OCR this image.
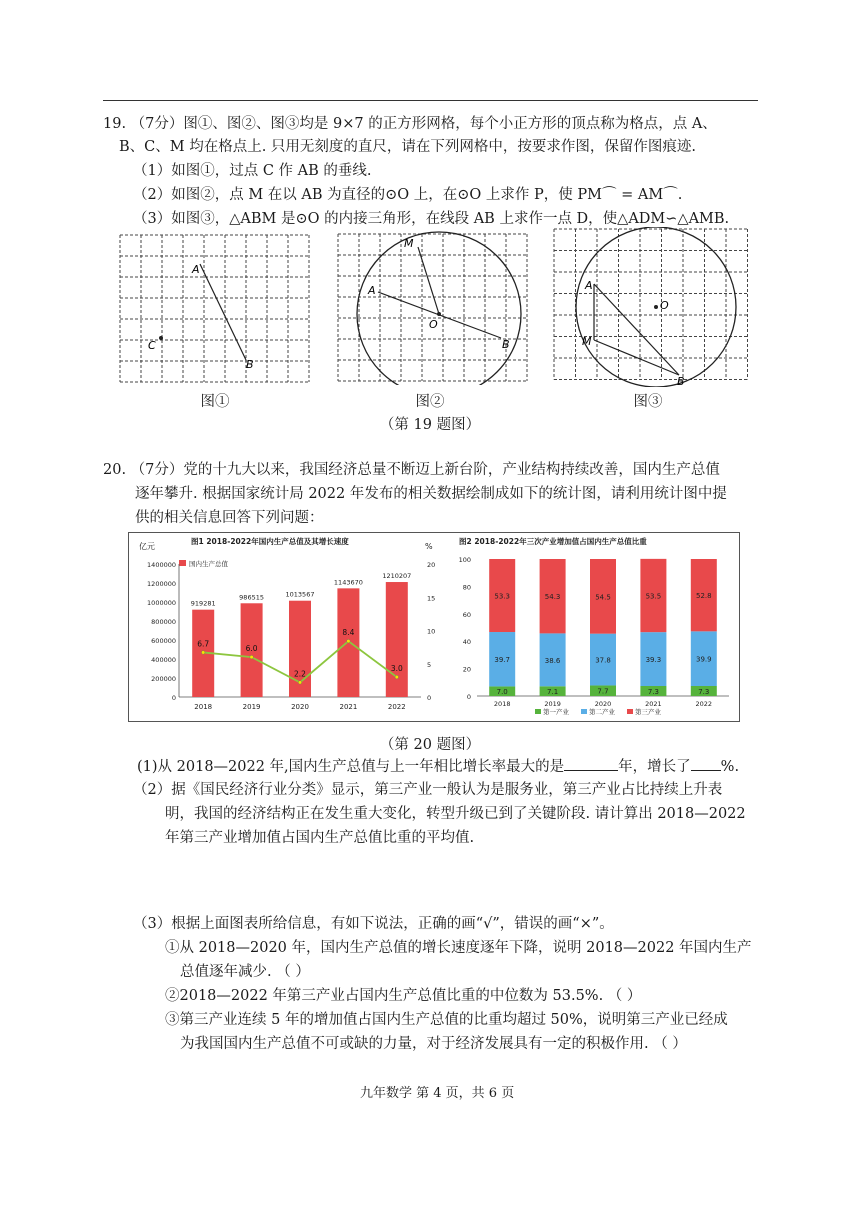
19. （7分）图①、图②、图③均是 9×7 的正方形网格，每个小正方形的顶点称为格点，点 A、
B、C、M 均在格点上. 只用无刻度的直尺，请在下列网格中，按要求作图，保留作图痕迹.
（1）如图①，过点 C 作 AB 的垂线.
（2）如图②，点 M 在以 AB 为直径的⊙O 上，在⊙O 上求作 P，使 PM⌒ = AM⌒.
（3）如图③，△ABM 是⊙O 的内接三角形，在线段 AB 上求作一点 D，使△ADM∽△AMB.
A
B
C
M
A
O
B
A
O
M
B
图①	图②	图③
（第 19 题图）
20. （7分）党的十九大以来，我国经济总量不断迈上新台阶，产业结构持续改善，国内生产总值
逐年攀升. 根据国家统计局 2022 年发布的相关数据绘制成如下的统计图，请利用统计图中提
供的相关信息回答下列问题：
亿元
图1 2018-2022年国内生产总值及其增长速度
%
国内生产总值
0
200000
400000
600000
800000
1000000
1200000
1400000
0
5
10
15
20
919281
2018
986515
2019
1013567
2020
1143670
2021
1210207
2022
6.7
6.0
2.2
8.4
3.0
图2 2018-2022年三次产业增加值占国内生产总值比重
0
20
40
60
80
100
7.0
39.7
53.3
2018
7.1
38.6
54.3
2019
7.7
37.8
54.5
2020
7.3
39.3
53.5
2021
7.3
39.9
52.8
2022
第一产业	第二产业	第三产业
（第 20 题图）
(1)从 2018—2022 年,国内生产总值与上一年相比增长率最大的是	年，增长了 %.
（2）据《国民经济行业分类》显示，第三产业一般认为是服务业，第三产业占比持续上升表
明，我国的经济结构正在发生重大变化，转型升级已到了关键阶段. 请计算出 2018—2022
年第三产业增加值占国内生产总值比重的平均值.
（3）根据上面图表所给信息，有如下说法，正确的画“√”，错误的画“×”。
①从 2018—2020 年，国内生产总值的增长速度逐年下降，说明 2018—2022 年国内生产
总值逐年减少. （ ）
②2018—2022 年第三产业占国内生产总值比重的中位数为 53.5%. （ ）
③第三产业连续 5 年的增加值占国内生产总值的比重均超过 50%，说明第三产业已经成
为我国国内生产总值不可或缺的力量，对于经济发展具有一定的积极作用. （ ）
九年数学 第 4 页，共 6 页
